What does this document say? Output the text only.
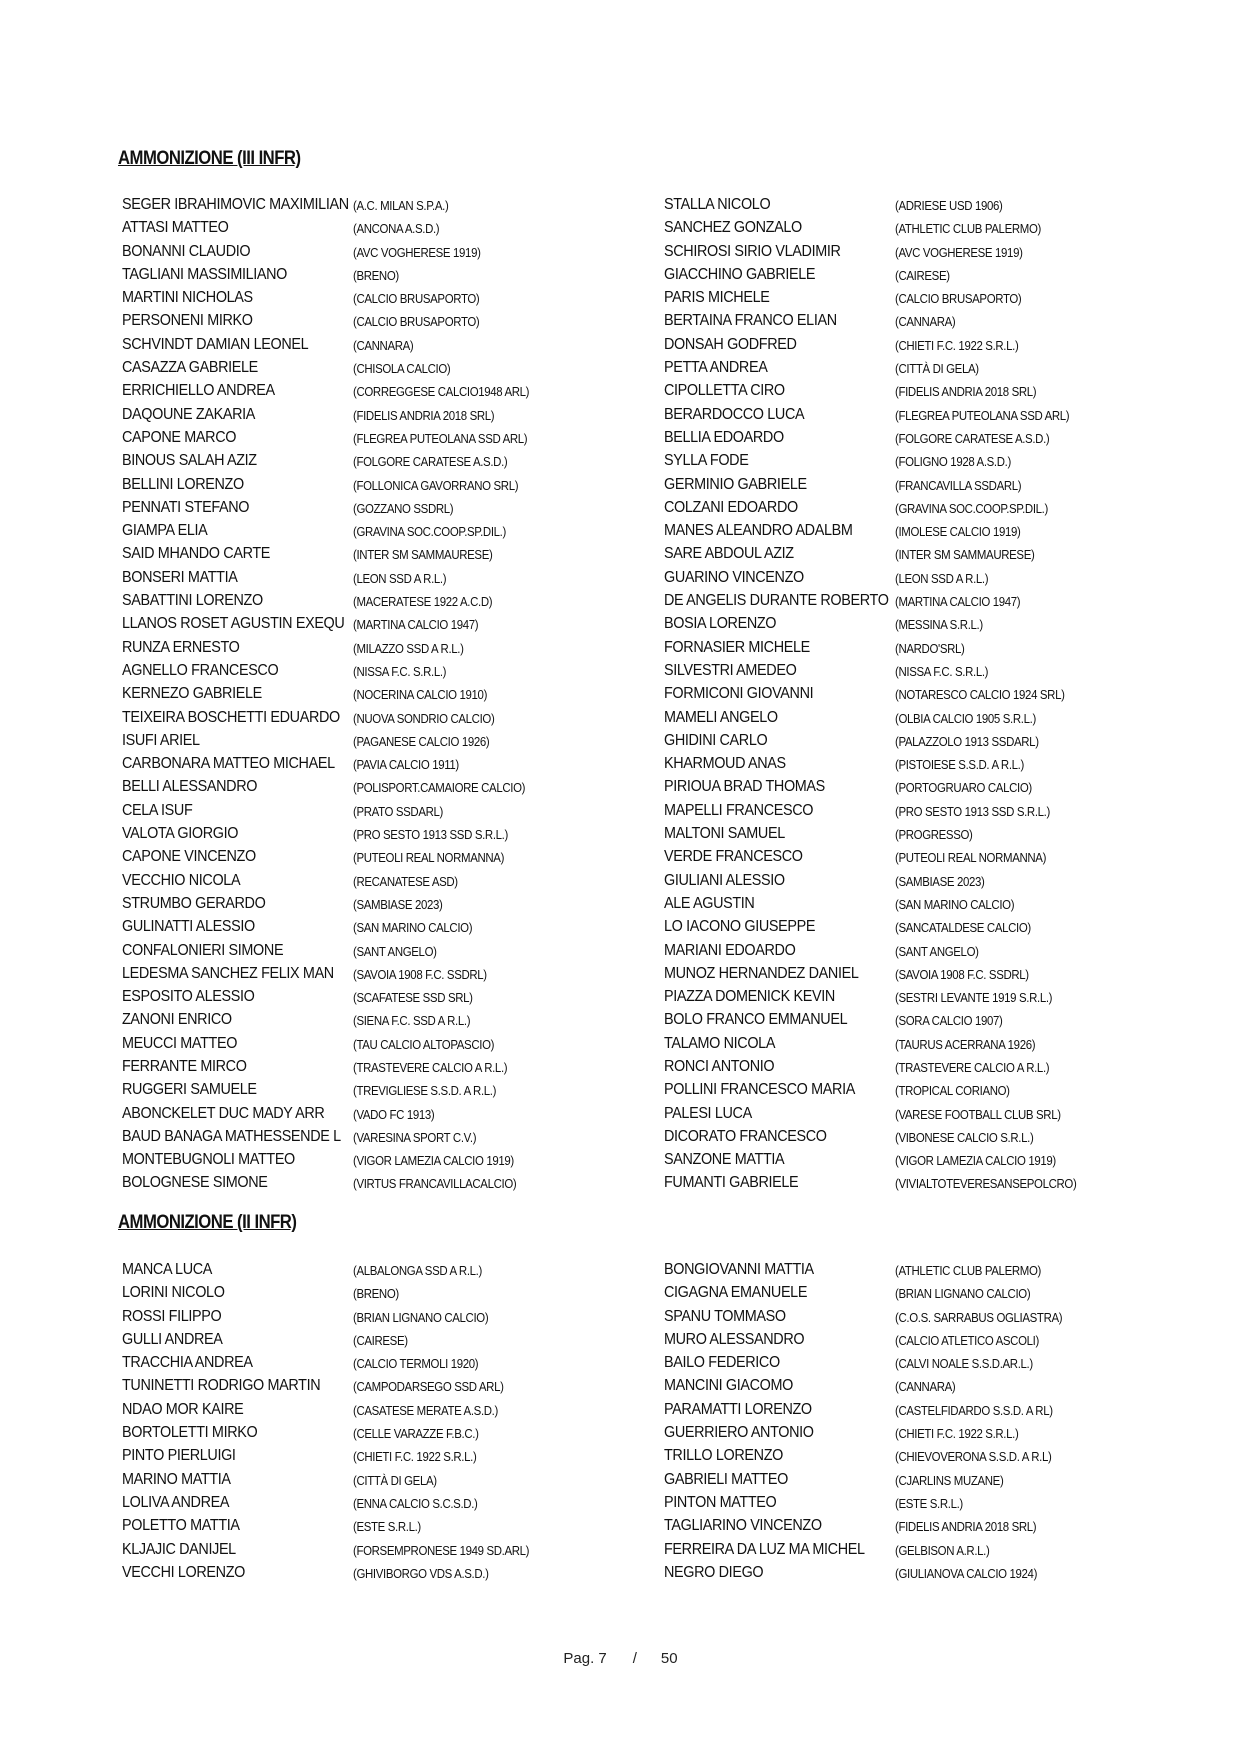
AMMONIZIONE (III INFR)
SEGER IBRAHIMOVIC MAXIMILIAN (A.C. MILAN S.P.A.)
ATTASI MATTEO	(ANCONA A.S.D.)
BONANNI CLAUDIO	(AVC VOGHERESE 1919)
TAGLIANI MASSIMILIANO	(BRENO)
MARTINI NICHOLAS	(CALCIO BRUSAPORTO)
PERSONENI MIRKO	(CALCIO BRUSAPORTO)
SCHVINDT DAMIAN LEONEL	(CANNARA)
CASAZZA GABRIELE	(CHISOLA CALCIO)
ERRICHIELLO ANDREA	(CORREGGESE CALCIO1948 ARL)
DAQOUNE ZAKARIA	(FIDELIS ANDRIA 2018 SRL)
CAPONE MARCO	(FLEGREA PUTEOLANA SSD ARL)
BINOUS SALAH AZIZ	(FOLGORE CARATESE A.S.D.)
BELLINI LORENZO	(FOLLONICA GAVORRANO SRL)
PENNATI STEFANO	(GOZZANO SSDRL)
GIAMPA ELIA	(GRAVINA SOC.COOP.SP.DIL.)
SAID MHANDO CARTE	(INTER SM SAMMAURESE)
BONSERI MATTIA	(LEON SSD A R.L.)
SABATTINI LORENZO	(MACERATESE 1922 A.C.D)
LLANOS ROSET AGUSTIN EXEQU (MARTINA CALCIO 1947)
RUNZA ERNESTO	(MILAZZO SSD A R.L.)
AGNELLO FRANCESCO	(NISSA F.C. S.R.L.)
KERNEZO GABRIELE	(NOCERINA CALCIO 1910)
TEIXEIRA BOSCHETTI EDUARDO (NUOVA SONDRIO CALCIO)
ISUFI ARIEL	(PAGANESE CALCIO 1926)
CARBONARA MATTEO MICHAEL (PAVIA CALCIO 1911)
BELLI ALESSANDRO	(POLISPORT.CAMAIORE CALCIO)
CELA ISUF	(PRATO SSDARL)
VALOTA GIORGIO	(PRO SESTO 1913 SSD S.R.L.)
CAPONE VINCENZO	(PUTEOLI REAL NORMANNA)
VECCHIO NICOLA	(RECANATESE ASD)
STRUMBO GERARDO	(SAMBIASE 2023)
GULINATTI ALESSIO	(SAN MARINO CALCIO)
CONFALONIERI SIMONE	(SANT ANGELO)
LEDESMA SANCHEZ FELIX MAN (SAVOIA 1908 F.C. SSDRL)
ESPOSITO ALESSIO	(SCAFATESE SSD SRL)
ZANONI ENRICO	(SIENA F.C. SSD A R.L.)
MEUCCI MATTEO	(TAU CALCIO ALTOPASCIO)
FERRANTE MIRCO	(TRASTEVERE CALCIO A R.L.)
RUGGERI SAMUELE	(TREVIGLIESE S.S.D. A R.L.)
ABONCKELET DUC MADY ARR (VADO FC 1913)
BAUD BANAGA MATHESSENDE L (VARESINA SPORT C.V.)
MONTEBUGNOLI MATTEO	(VIGOR LAMEZIA CALCIO 1919)
BOLOGNESE SIMONE	(VIRTUS FRANCAVILLACALCIO)
STALLA NICOLO	(ADRIESE USD 1906)
SANCHEZ GONZALO	(ATHLETIC CLUB PALERMO)
SCHIROSI SIRIO VLADIMIR	(AVC VOGHERESE 1919)
GIACCHINO GABRIELE	(CAIRESE)
PARIS MICHELE	(CALCIO BRUSAPORTO)
BERTAINA FRANCO ELIAN	(CANNARA)
DONSAH GODFRED	(CHIETI F.C. 1922 S.R.L.)
PETTA ANDREA	(CITTÀ DI GELA)
CIPOLLETTA CIRO	(FIDELIS ANDRIA 2018 SRL)
BERARDOCCO LUCA	(FLEGREA PUTEOLANA SSD ARL)
BELLIA EDOARDO	(FOLGORE CARATESE A.S.D.)
SYLLA FODE	(FOLIGNO 1928 A.S.D.)
GERMINIO GABRIELE	(FRANCAVILLA SSDARL)
COLZANI EDOARDO	(GRAVINA SOC.COOP.SP.DIL.)
MANES ALEANDRO ADALBM	(IMOLESE CALCIO 1919)
SARE ABDOUL AZIZ	(INTER SM SAMMAURESE)
GUARINO VINCENZO	(LEON SSD A R.L.)
DE ANGELIS DURANTE ROBERTO (MARTINA CALCIO 1947)
BOSIA LORENZO	(MESSINA S.R.L.)
FORNASIER MICHELE	(NARDO'SRL)
SILVESTRI AMEDEO	(NISSA F.C. S.R.L.)
FORMICONI GIOVANNI	(NOTARESCO CALCIO 1924 SRL)
MAMELI ANGELO	(OLBIA CALCIO 1905 S.R.L.)
GHIDINI CARLO	(PALAZZOLO 1913 SSDARL)
KHARMOUD ANAS	(PISTOIESE S.S.D. A R.L.)
PIRIOUA BRAD THOMAS	(PORTOGRUARO CALCIO)
MAPELLI FRANCESCO	(PRO SESTO 1913 SSD S.R.L.)
MALTONI SAMUEL	(PROGRESSO)
VERDE FRANCESCO	(PUTEOLI REAL NORMANNA)
GIULIANI ALESSIO	(SAMBIASE 2023)
ALE AGUSTIN	(SAN MARINO CALCIO)
LO IACONO GIUSEPPE	(SANCATALDESE CALCIO)
MARIANI EDOARDO	(SANT ANGELO)
MUNOZ HERNANDEZ DANIEL	(SAVOIA 1908 F.C. SSDRL)
PIAZZA DOMENICK KEVIN	(SESTRI LEVANTE 1919 S.R.L.)
BOLO FRANCO EMMANUEL	(SORA CALCIO 1907)
TALAMO NICOLA	(TAURUS ACERRANA 1926)
RONCI ANTONIO	(TRASTEVERE CALCIO A R.L.)
POLLINI FRANCESCO MARIA	(TROPICAL CORIANO)
PALESI LUCA	(VARESE FOOTBALL CLUB SRL)
DICORATO FRANCESCO	(VIBONESE CALCIO S.R.L.)
SANZONE MATTIA	(VIGOR LAMEZIA CALCIO 1919)
FUMANTI GABRIELE	(VIVIALTOTEVERESANSEPOLCRO)
AMMONIZIONE (II INFR)
MANCA LUCA	(ALBALONGA SSD A R.L.)
LORINI NICOLO	(BRENO)
ROSSI FILIPPO	(BRIAN LIGNANO CALCIO)
GULLI ANDREA	(CAIRESE)
TRACCHIA ANDREA	(CALCIO TERMOLI 1920)
TUNINETTI RODRIGO MARTIN	(CAMPODARSEGO SSD ARL)
NDAO MOR KAIRE	(CASATESE MERATE A.S.D.)
BORTOLETTI MIRKO	(CELLE VARAZZE F.B.C.)
PINTO PIERLUIGI	(CHIETI F.C. 1922 S.R.L.)
MARINO MATTIA	(CITTÀ DI GELA)
LOLIVA ANDREA	(ENNA CALCIO S.C.S.D.)
POLETTO MATTIA	(ESTE S.R.L.)
KLJAJIC DANIJEL	(FORSEMPRONESE 1949 SD.ARL)
VECCHI LORENZO	(GHIVIBORGO VDS A.S.D.)
BONGIOVANNI MATTIA	(ATHLETIC CLUB PALERMO)
CIGAGNA EMANUELE	(BRIAN LIGNANO CALCIO)
SPANU TOMMASO	(C.O.S. SARRABUS OGLIASTRA)
MURO ALESSANDRO	(CALCIO ATLETICO ASCOLI)
BAILO FEDERICO	(CALVI NOALE S.S.D.AR.L.)
MANCINI GIACOMO	(CANNARA)
PARAMATTI LORENZO	(CASTELFIDARDO S.S.D. A RL)
GUERRIERO ANTONIO	(CHIETI F.C. 1922 S.R.L.)
TRILLO LORENZO	(CHIEVOVERONA S.S.D. A R.L)
GABRIELI MATTEO	(CJARLINS MUZANE)
PINTON MATTEO	(ESTE S.R.L.)
TAGLIARINO VINCENZO	(FIDELIS ANDRIA 2018 SRL)
FERREIRA DA LUZ MA MICHEL (GELBISON A.R.L.)
NEGRO DIEGO	(GIULIANOVA CALCIO 1924)
Pag. 7 / 50
